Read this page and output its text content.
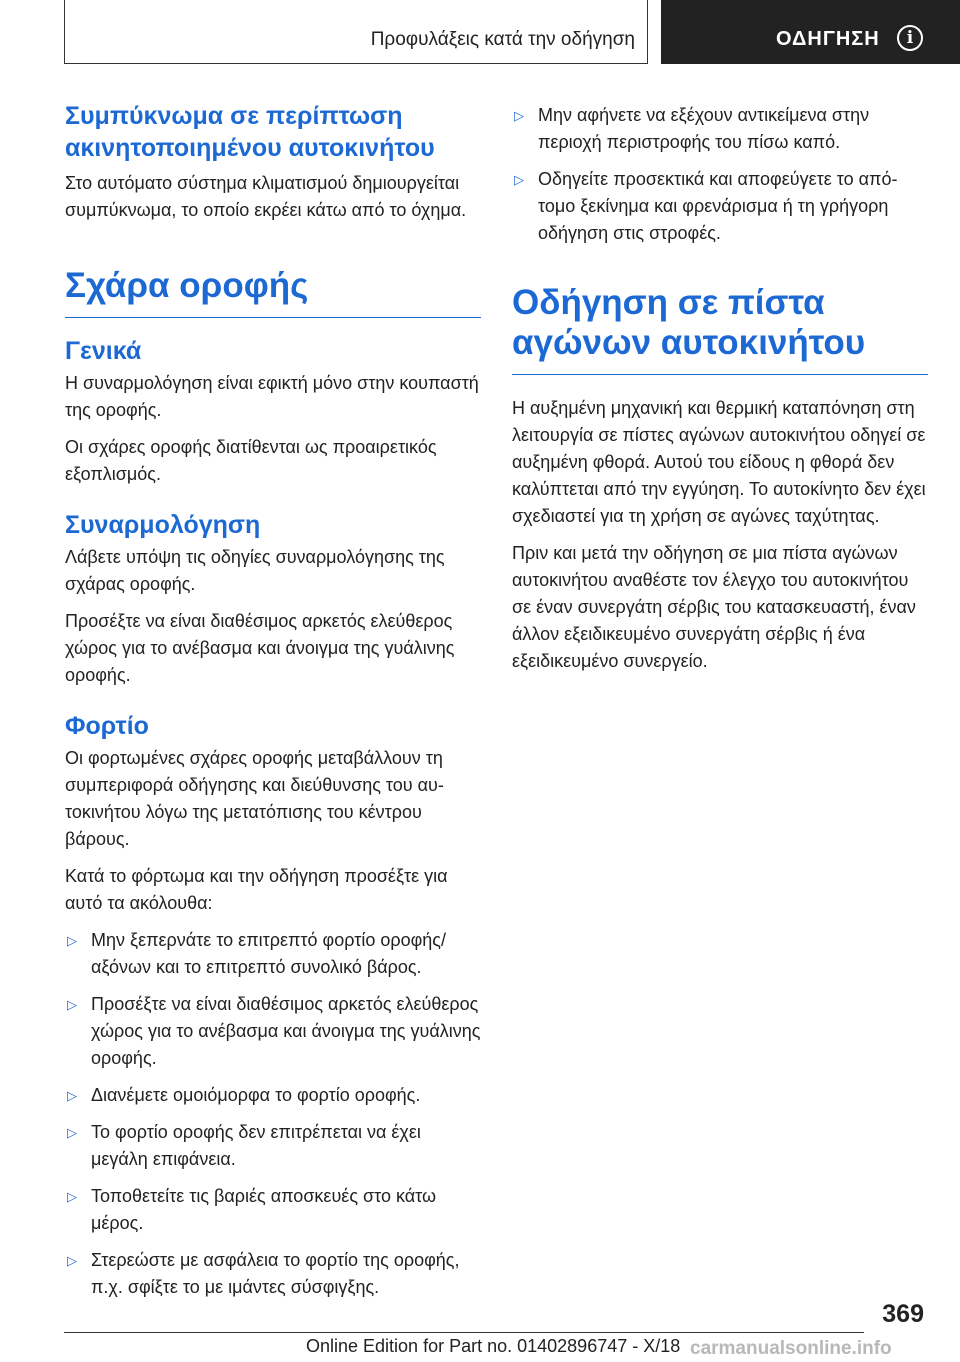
Προφυλάξεις κατά την οδήγηση	ΟΔΗΓΗΣΗ	i
Συμπύκνωμα σε περίπτωση ακινητοποιημένου αυτοκινήτου

Στο αυτόματο σύστημα κλιματισμού δημιουργείται συμπύκνωμα, το οποίο εκρέει κάτω από το όχημα.

Σχάρα οροφής
Γενικά

Η συναρμολόγηση είναι εφικτή μόνο στην κουπαστή της οροφής.

Οι σχάρες οροφής διατίθενται ως προαιρετικός εξοπλισμός.

Συναρμολόγηση

Λάβετε υπόψη τις οδηγίες συναρμολόγησης της σχάρας οροφής.

Προσέξτε να είναι διαθέσιμος αρκετός ελεύθερος χώρος για το ανέβασμα και άνοιγμα της γυάλινης οροφής.

Φορτίο

Οι φορτωμένες σχάρες οροφής μεταβάλλουν τη συμπεριφορά οδήγησης και διεύθυνσης του αυτοκινήτου λόγω της μετατόπισης του κέντρου βάρους.

Κατά το φόρτωμα και την οδήγηση προσέξτε για αυτό τα ακόλουθα:

▷ Μην ξεπερνάτε το επιτρεπτό φορτίο οροφής/αξόνων και το επιτρεπτό συνολικό βάρος.
▷ Προσέξτε να είναι διαθέσιμος αρκετός ελεύθερος χώρος για το ανέβασμα και άνοιγμα της γυάλινης οροφής.
▷ Διανέμετε ομοιόμορφα το φορτίο οροφής.
▷ Το φορτίο οροφής δεν επιτρέπεται να έχει μεγάλη επιφάνεια.
▷ Τοποθετείτε τις βαριές αποσκευές στο κάτω μέρος.
▷ Στερεώστε με ασφάλεια το φορτίο της οροφής, π.χ. σφίξτε το με ιμάντες σύσφιγξης.
▷ Μην αφήνετε να εξέχουν αντικείμενα στην περιοχή περιστροφής του πίσω καπό.
▷ Οδηγείτε προσεκτικά και αποφεύγετε το απότομο ξεκίνημα και φρενάρισμα ή τη γρήγορη οδήγηση στις στροφές.
Οδήγηση σε πίστα αγώνων αυτοκινήτου

Η αυξημένη μηχανική και θερμική καταπόνηση στη λειτουργία σε πίστες αγώνων αυτοκινήτου οδηγεί σε αυξημένη φθορά. Αυτού του είδους η φθορά δεν καλύπτεται από την εγγύηση. Το αυτοκίνητο δεν έχει σχεδιαστεί για τη χρήση σε αγώνες ταχύτητας.

Πριν και μετά την οδήγηση σε μια πίστα αγώνων αυτοκινήτου αναθέστε τον έλεγχο του αυτοκινήτου σε έναν συνεργάτη σέρβις του κατασκευαστή, έναν άλλον εξειδικευμένο συνεργάτη σέρβις ή ένα εξειδικευμένο συνεργείο.

369
Online Edition for Part no. 01402896747 - X/18 carmanualsonline.info
